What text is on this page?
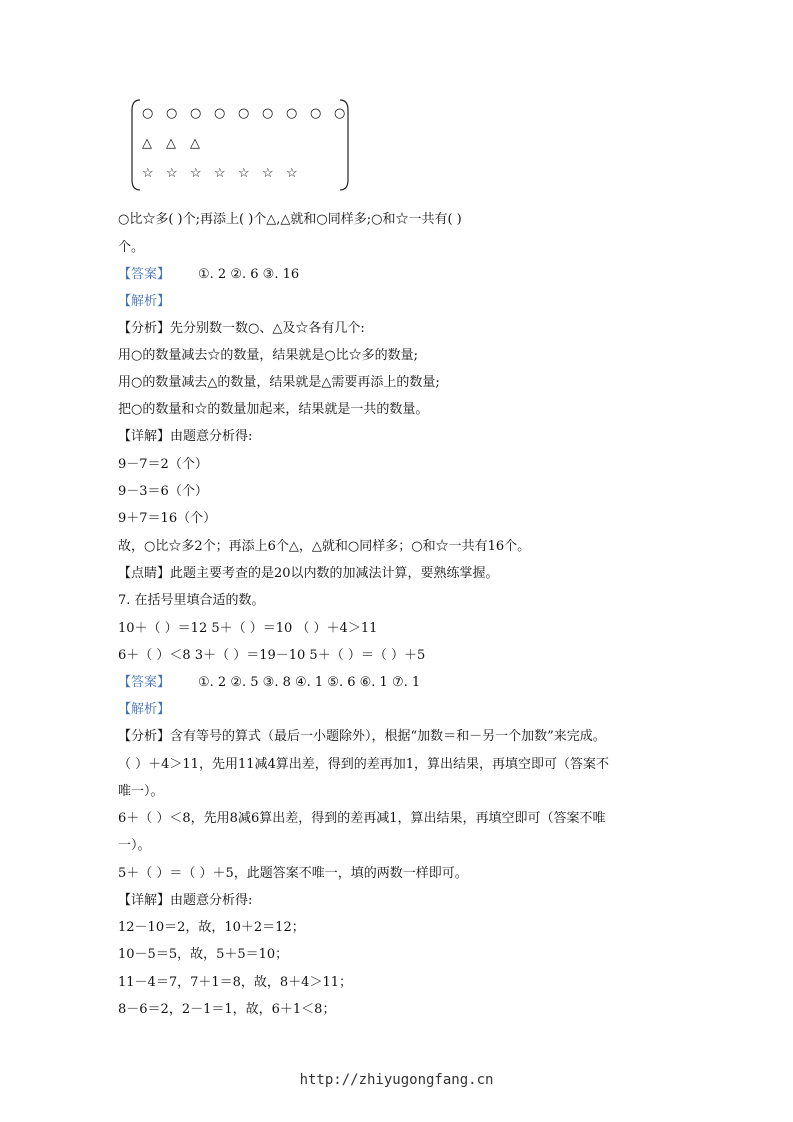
○ ○ ○ ○ ○ ○ ○ ○ ○
△ △ △
☆ ☆ ☆ ☆ ☆ ☆ ☆
○比☆多( )个;再添上( )个△,△就和○同样多;○和☆一共有( )
个。
【答案】 ①. 2 ②. 6 ③. 16
【解析】
【分析】先分别数一数○、△及☆各有几个:
用○的数量减去☆的数量，结果就是○比☆多的数量;
用○的数量减去△的数量，结果就是△需要再添上的数量;
把○的数量和☆的数量加起来，结果就是一共的数量。
【详解】由题意分析得:
9－7＝2（个）
9－3＝6（个）
9＋7＝16（个）
故，○比☆多2个；再添上6个△，△就和○同样多；○和☆一共有16个。
【点睛】此题主要考查的是20以内数的加减法计算，要熟练掌握。
7. 在括号里填合适的数。
10＋（ ）＝12 5＋（ ）＝10 （ ）＋4＞11
6＋（ ）＜8 3＋（ ）＝19－10 5＋（ ）＝（ ）＋5
【答案】 ①. 2 ②. 5 ③. 8 ④. 1 ⑤. 6 ⑥. 1 ⑦. 1
【解析】
【分析】含有等号的算式（最后一小题除外），根据“加数＝和－另一个加数”来完成。
（ ）＋4＞11，先用11减4算出差，得到的差再加1，算出结果，再填空即可（答案不
唯一）。
6＋（ ）＜8，先用8减6算出差，得到的差再减1，算出结果，再填空即可（答案不唯
一）。
5＋（ ）＝（ ）＋5，此题答案不唯一，填的两数一样即可。
【详解】由题意分析得:
12－10＝2，故，10＋2＝12；
10－5＝5，故，5＋5＝10；
11－4＝7，7＋1＝8，故，8＋4＞11；
8－6＝2，2－1＝1，故，6＋1＜8；
http://zhiyugongfang.cn
